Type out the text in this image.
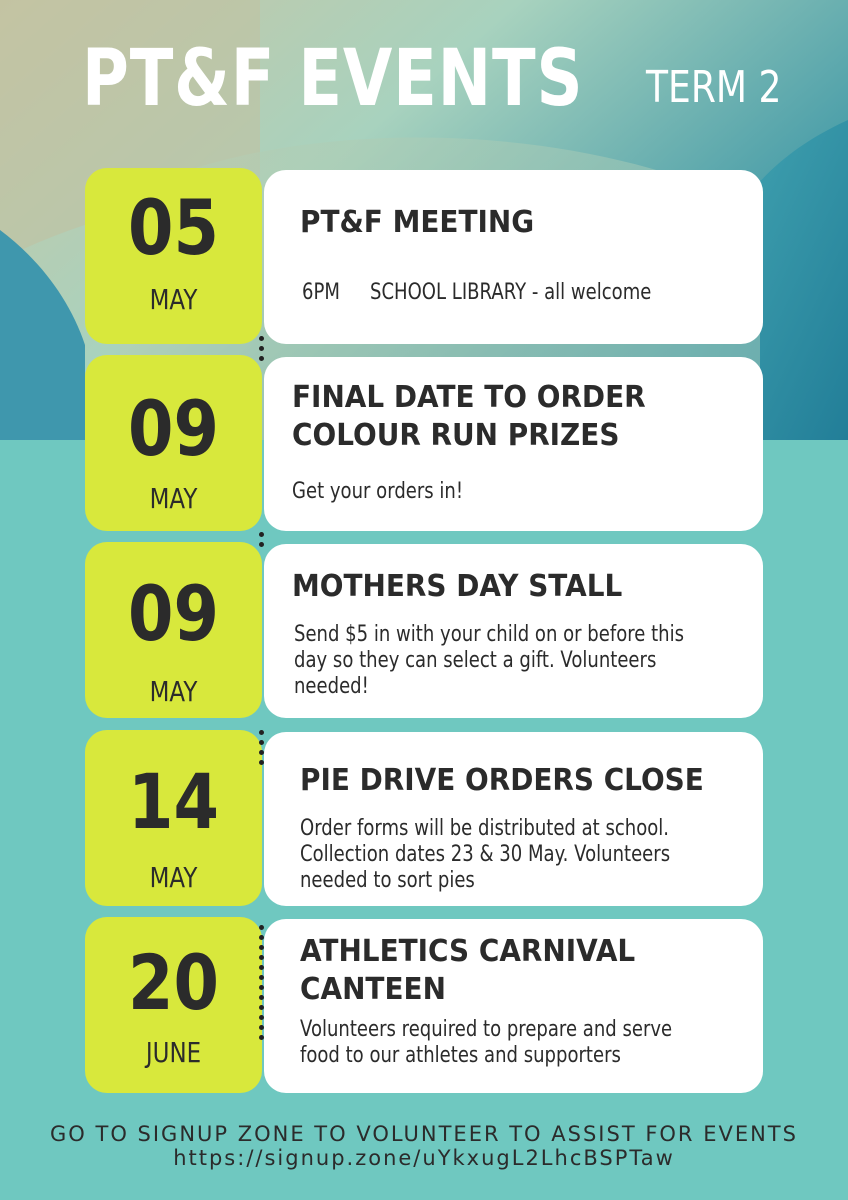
PT&F EVENTS TERM 2
05
MAY
PT&F MEETING
6PM	SCHOOL LIBRARY - all welcome
09
MAY
FINAL DATE TO ORDER COLOUR RUN PRIZES
Get your orders in!
09
MAY
MOTHERS DAY STALL
Send $5 in with your child on or before this day so they can select a gift. Volunteers needed!
14
MAY
PIE DRIVE ORDERS CLOSE
Order forms will be distributed at school. Collection dates 23 & 30 May. Volunteers needed to sort pies
20
JUNE
ATHLETICS CARNIVAL CANTEEN
Volunteers required to prepare and serve food to our athletes and supporters
GO TO SIGNUP ZONE TO VOLUNTEER TO ASSIST FOR EVENTS
https://signup.zone/uYkxugL2LhcBSPTaw
